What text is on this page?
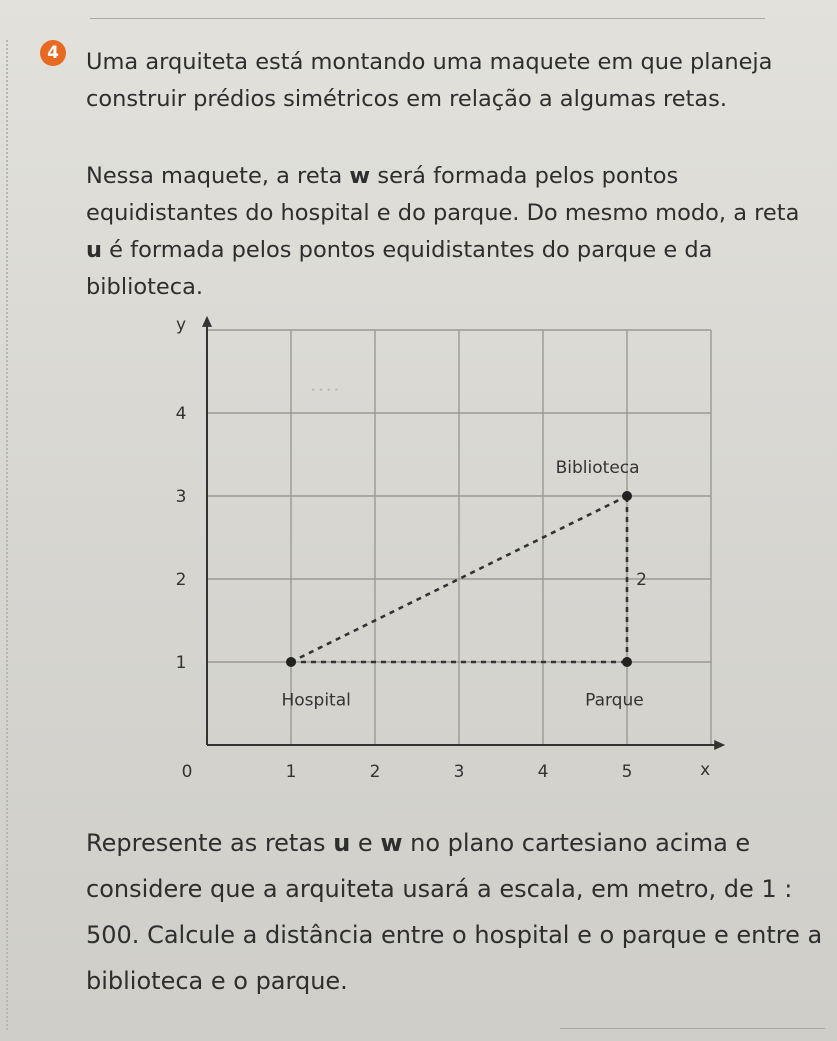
····
4	Uma arquiteta está montando uma maquete em que planeja construir prédios simétricos em relação a algumas retas.

Nessa maquete, a reta w será formada pelos pontos equidistantes do hospital e do parque. Do mesmo modo, a reta u é formada pelos pontos equidistantes do parque e da biblioteca.

0	1	2	3	4	5
1
2
3
4
x
y
2
Hospital	Parque
Biblioteca

Represente as retas u e w no plano cartesiano acima e considere que a arquiteta usará a escala, em metro, de 1 : 500. Calcule a distância entre o hospital e o parque e entre a biblioteca e o parque.
